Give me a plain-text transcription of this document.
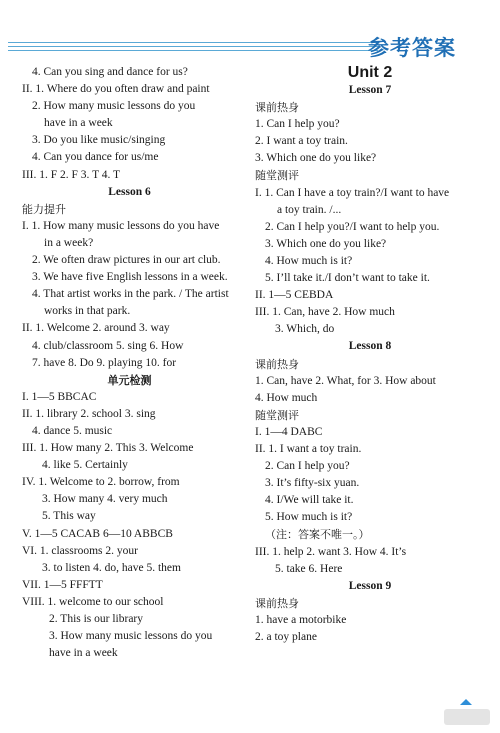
参考答案
4. Can you sing and dance for us?
II. 1. Where do you often draw and paint
2. How many music lessons do you
have in a week
3. Do you like music/singing
4. Can you dance for us/me
III. 1. F 2. F 3. T 4. T
Lesson 6
能力提升
I. 1. How many music lessons do you have
in a week?
2. We often draw pictures in our art club.
3. We have five English lessons in a week.
4. That artist works in the park. / The artist
works in that park.
II. 1. Welcome 2. around 3. way
4. club/classroom 5. sing 6. How
7. have 8. Do 9. playing 10. for
单元检测
I. 1—5 BBCAC
II. 1. library 2. school 3. sing
4. dance 5. music
III. 1. How many 2. This 3. Welcome
4. like 5. Certainly
IV. 1. Welcome to 2. borrow, from
3. How many 4. very much
5. This way
V. 1—5 CACAB 6—10 ABBCB
VI. 1. classrooms 2. your
3. to listen 4. do, have 5. them
VII. 1—5 FFFTT
VIII. 1. welcome to our school
2. This is our library
3. How many music lessons do you
have in a week
Unit 2
Lesson 7
课前热身
1. Can I help you?
2. I want a toy train.
3. Which one do you like?
随堂测评
I. 1. Can I have a toy train?/I want to have
a toy train. /...
2. Can I help you?/I want to help you.
3. Which one do you like?
4. How much is it?
5. I’ll take it./I don’t want to take it.
II. 1—5 CEBDA
III. 1. Can, have 2. How much
3. Which, do
Lesson 8
课前热身
1. Can, have 2. What, for 3. How about
4. How much
随堂测评
I. 1—4 DABC
II. 1. I want a toy train.
2. Can I help you?
3. It’s fifty-six yuan.
4. I/We will take it.
5. How much is it?
（注：答案不唯一。）
III. 1. help 2. want 3. How 4. It’s
5. take 6. Here
Lesson 9
课前热身
1. have a motorbike
2. a toy plane
